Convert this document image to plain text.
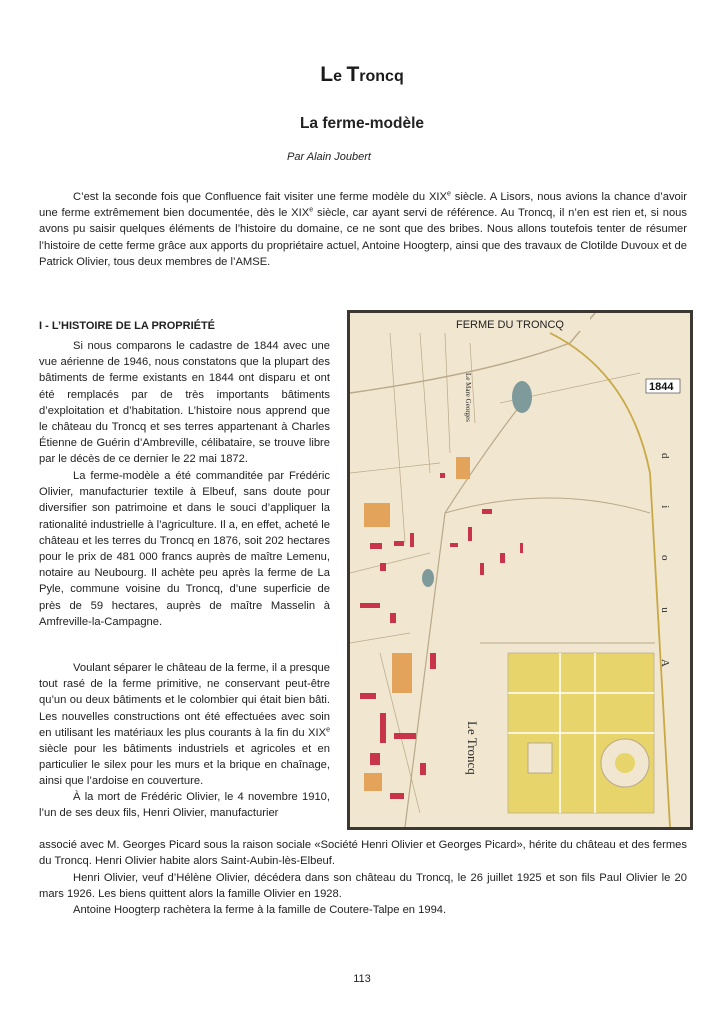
Le Troncq
La ferme-modèle
Par Alain Joubert

C’est la seconde fois que Confluence fait visiter une ferme modèle du XIXe siècle. A Lisors, nous avions la chance d’avoir une ferme extrêmement bien documentée, dès le XIXe siècle, car ayant servi de référence. Au Troncq, il n’en est rien et, si nous avons pu saisir quelques éléments de l’histoire du domaine, ce ne sont que des bribes. Nous allons toutefois tenter de résumer l’histoire de cette ferme grâce aux apports du propriétaire actuel, Antoine Hoogterp, ainsi que des travaux de Clotilde Duvoux et de Patrick Olivier, tous deux membres de l’AMSE.

I - L’HISTOIRE DE LA PROPRIÉTÉ

Si nous comparons le cadastre de 1844 avec une vue aérienne de 1946, nous constatons que la plupart des bâtiments de ferme existants en 1844 ont disparu et ont été remplacés par de très importants bâtiments d’exploitation et d’habitation. L’histoire nous apprend que le château du Troncq et ses terres appartenant à Charles Étienne de Guérin d’Ambreville, célibataire, se trouve libre par le décès de ce dernier le 22 mai 1872.

La ferme-modèle a été commanditée par Frédéric Olivier, manufacturier textile à Elbeuf, sans doute pour diversifier son patrimoine et dans le souci d’appliquer la rationalité industrielle à l’agriculture. Il a, en effet, acheté le château et les terres du Troncq en 1876, soit 202 hectares pour le prix de 481 000 francs auprès de maître Lemenu, notaire au Neubourg. Il achète peu après la ferme de La Pyle, commune voisine du Troncq, d’une superficie de près de 59 hectares, auprès de maître Masselin à Amfreville-la-Campagne.

Voulant séparer le château de la ferme, il a presque tout rasé de la ferme primitive, ne conservant peut-être qu’un ou deux bâtiments et le colombier qui était bien bâti. Les nouvelles constructions ont été effectuées avec soin en utilisant les matériaux les plus courants à la fin du XIXe siècle pour les bâtiments industriels et agricoles et en particulier le silex pour les murs et la brique en chaînage, ainsi que l’ardoise en couverture.

À la mort de Frédéric Olivier, le 4 novembre 1910, l’un de ses deux fils, Henri Olivier, manufacturier

associé avec M. Georges Picard sous la raison sociale «Société Henri Olivier et Georges Picard», hérite du château et des fermes du Troncq. Henri Olivier habite alors Saint-Aubin-lès-Elbeuf.

Henri Olivier, veuf d’Hélène Olivier, décédera dans son château du Troncq, le 26 juillet 1925 et son fils Paul Olivier le 20 mars 1926. Les biens quittent alors la famille Olivier en 1928.

Antoine Hoogterp rachètera la ferme à la famille de Coutere-Talpe en 1994.

FERME DU TRONCQ
1844
Le Troncq
Le Mare Georges
d i o u A
113
